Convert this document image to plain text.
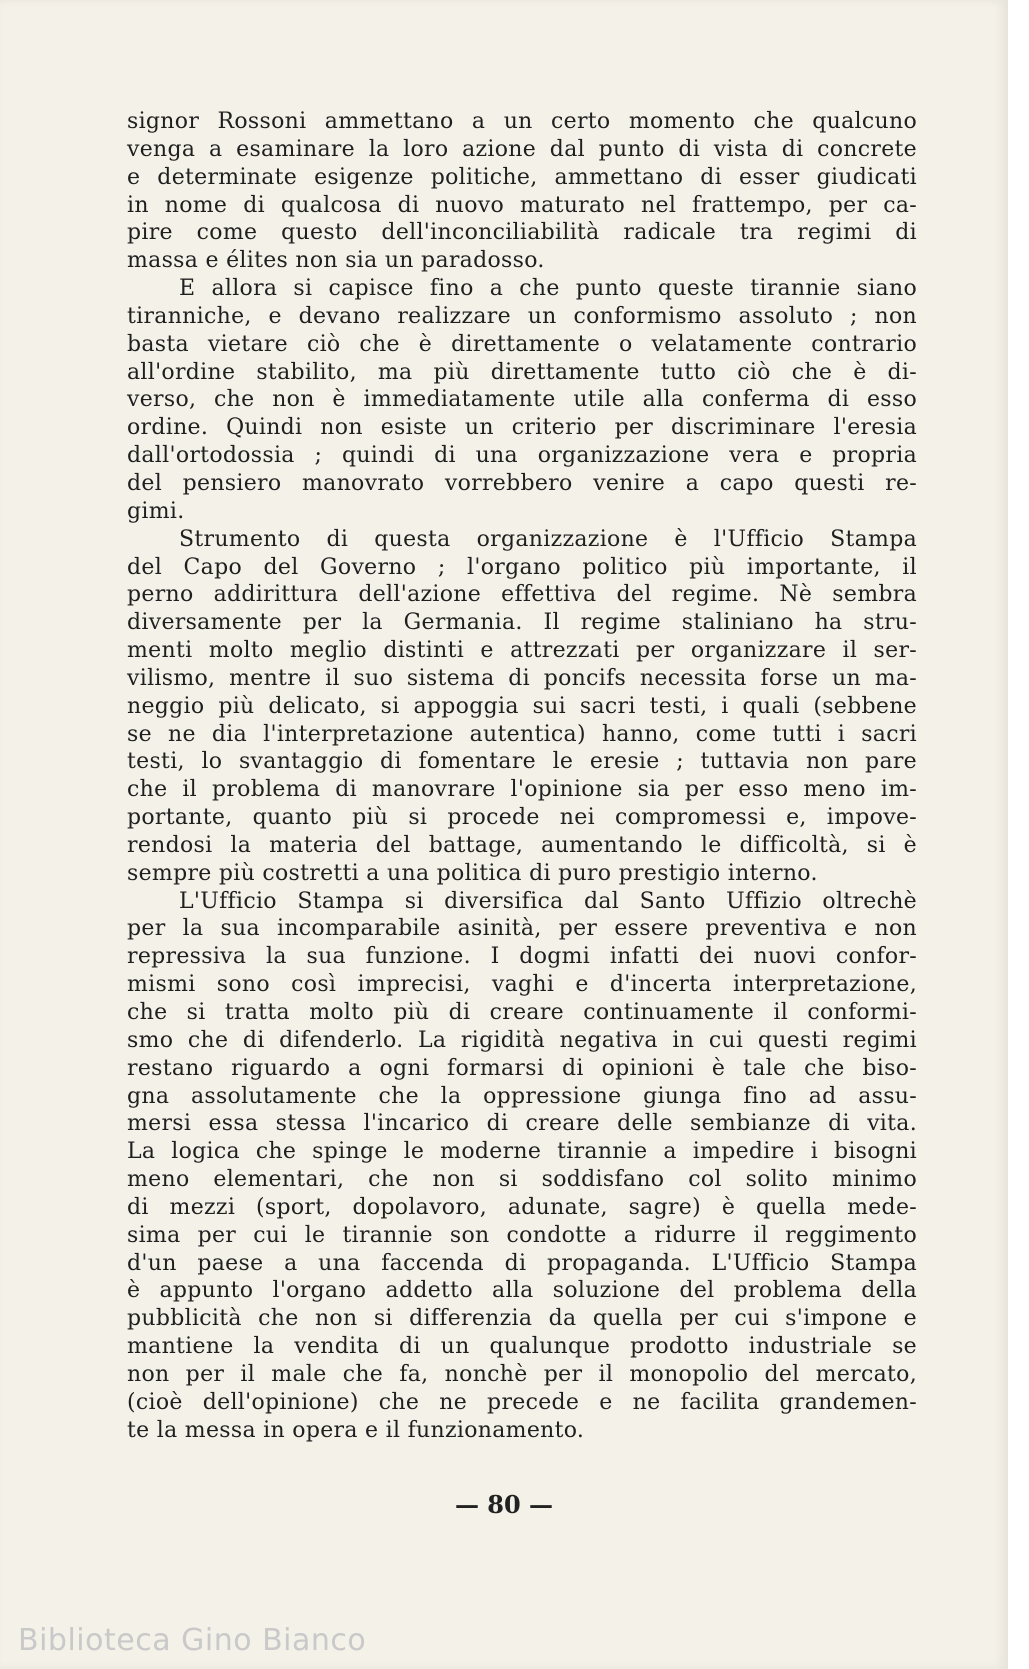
signor Rossoni ammettano a un certo momento che qualcuno
venga a esaminare la loro azione dal punto di vista di concrete
e determinate esigenze politiche, ammettano di esser giudicati
in nome di qualcosa di nuovo maturato nel frattempo, per ca-
pire come questo dell'inconciliabilità radicale tra regimi di
massa e élites non sia un paradosso.
E allora si capisce fino a che punto queste tirannie siano
tiranniche, e devano realizzare un conformismo assoluto ; non
basta vietare ciò che è direttamente o velatamente contrario
all'ordine stabilito, ma più direttamente tutto ciò che è di-
verso, che non è immediatamente utile alla conferma di esso
ordine. Quindi non esiste un criterio per discriminare l'eresia
dall'ortodossia ; quindi di una organizzazione vera e propria
del pensiero manovrato vorrebbero venire a capo questi re-
gimi.
Strumento di questa organizzazione è l'Ufficio Stampa
del Capo del Governo ; l'organo politico più importante, il
perno addirittura dell'azione effettiva del regime. Nè sembra
diversamente per la Germania. Il regime staliniano ha stru-
menti molto meglio distinti e attrezzati per organizzare il ser-
vilismo, mentre il suo sistema di poncifs necessita forse un ma-
neggio più delicato, si appoggia sui sacri testi, i quali (sebbene
se ne dia l'interpretazione autentica) hanno, come tutti i sacri
testi, lo svantaggio di fomentare le eresie ; tuttavia non pare
che il problema di manovrare l'opinione sia per esso meno im-
portante, quanto più si procede nei compromessi e, impove-
rendosi la materia del battage, aumentando le difficoltà, si è
sempre più costretti a una politica di puro prestigio interno.
L'Ufficio Stampa si diversifica dal Santo Uffizio oltrechè
per la sua incomparabile asinità, per essere preventiva e non
repressiva la sua funzione. I dogmi infatti dei nuovi confor-
mismi sono così imprecisi, vaghi e d'incerta interpretazione,
che si tratta molto più di creare continuamente il conformi-
smo che di difenderlo. La rigidità negativa in cui questi regimi
restano riguardo a ogni formarsi di opinioni è tale che biso-
gna assolutamente che la oppressione giunga fino ad assu-
mersi essa stessa l'incarico di creare delle sembianze di vita.
La logica che spinge le moderne tirannie a impedire i bisogni
meno elementari, che non si soddisfano col solito minimo
di mezzi (sport, dopolavoro, adunate, sagre) è quella mede-
sima per cui le tirannie son condotte a ridurre il reggimento
d'un paese a una faccenda di propaganda. L'Ufficio Stampa
è appunto l'organo addetto alla soluzione del problema della
pubblicità che non si differenzia da quella per cui s'impone e
mantiene la vendita di un qualunque prodotto industriale se
non per il male che fa, nonchè per il monopolio del mercato,
(cioè dell'opinione) che ne precede e ne facilita grandemen-
te la messa in opera e il funzionamento.
— 80 —
Biblioteca Gino Bianco
